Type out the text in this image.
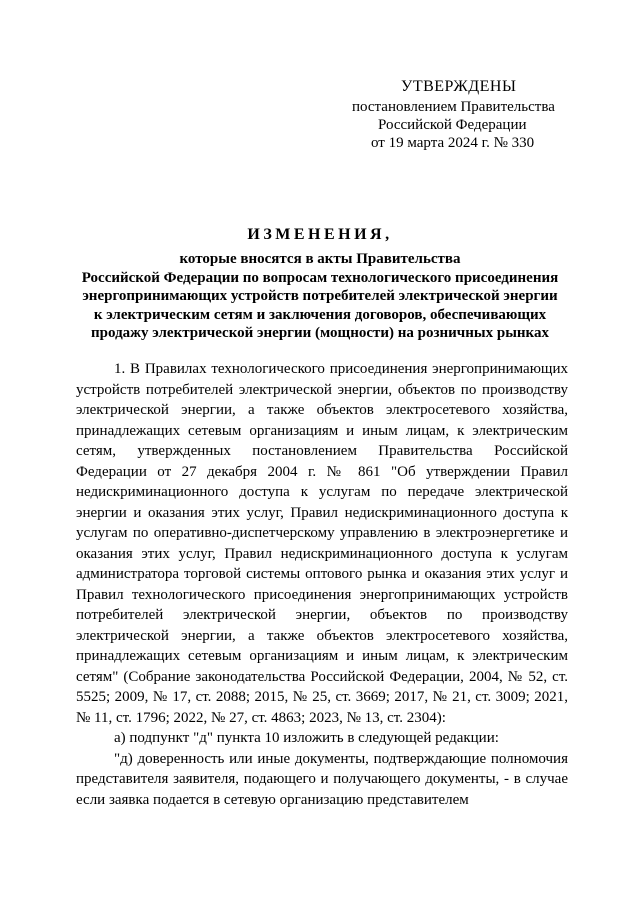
УТВЕРЖДЕНЫ
постановлением Правительства
Российской Федерации
от 19 марта 2024 г. № 330
ИЗМЕНЕНИЯ,
которые вносятся в акты Правительства
Российской Федерации по вопросам технологического присоединения
энергопринимающих устройств потребителей электрической энергии
к электрическим сетям и заключения договоров, обеспечивающих
продажу электрической энергии (мощности) на розничных рынках

1. В Правилах технологического присоединения энергопринимающих устройств потребителей электрической энергии, объектов по производству электрической энергии, а также объектов электросетевого хозяйства, принадлежащих сетевым организациям и иным лицам, к электрическим сетям, утвержденных постановлением Правительства Российской Федерации от 27 декабря 2004 г. № 861 "Об утверждении Правил недискриминационного доступа к услугам по передаче электрической энергии и оказания этих услуг, Правил недискриминационного доступа к услугам по оперативно-диспетчерскому управлению в электроэнергетике и оказания этих услуг, Правил недискриминационного доступа к услугам администратора торговой системы оптового рынка и оказания этих услуг и Правил технологического присоединения энергопринимающих устройств потребителей электрической энергии, объектов по производству электрической энергии, а также объектов электросетевого хозяйства, принадлежащих сетевым организациям и иным лицам, к электрическим сетям" (Собрание законодательства Российской Федерации, 2004, № 52, ст. 5525; 2009, № 17, ст. 2088; 2015, № 25, ст. 3669; 2017, № 21, ст. 3009; 2021, № 11, ст. 1796; 2022, № 27, ст. 4863; 2023, № 13, ст. 2304):

а) подпункт "д" пункта 10 изложить в следующей редакции:

"д) доверенность или иные документы, подтверждающие полномочия представителя заявителя, подающего и получающего документы, - в случае если заявка подается в сетевую организацию представителем
